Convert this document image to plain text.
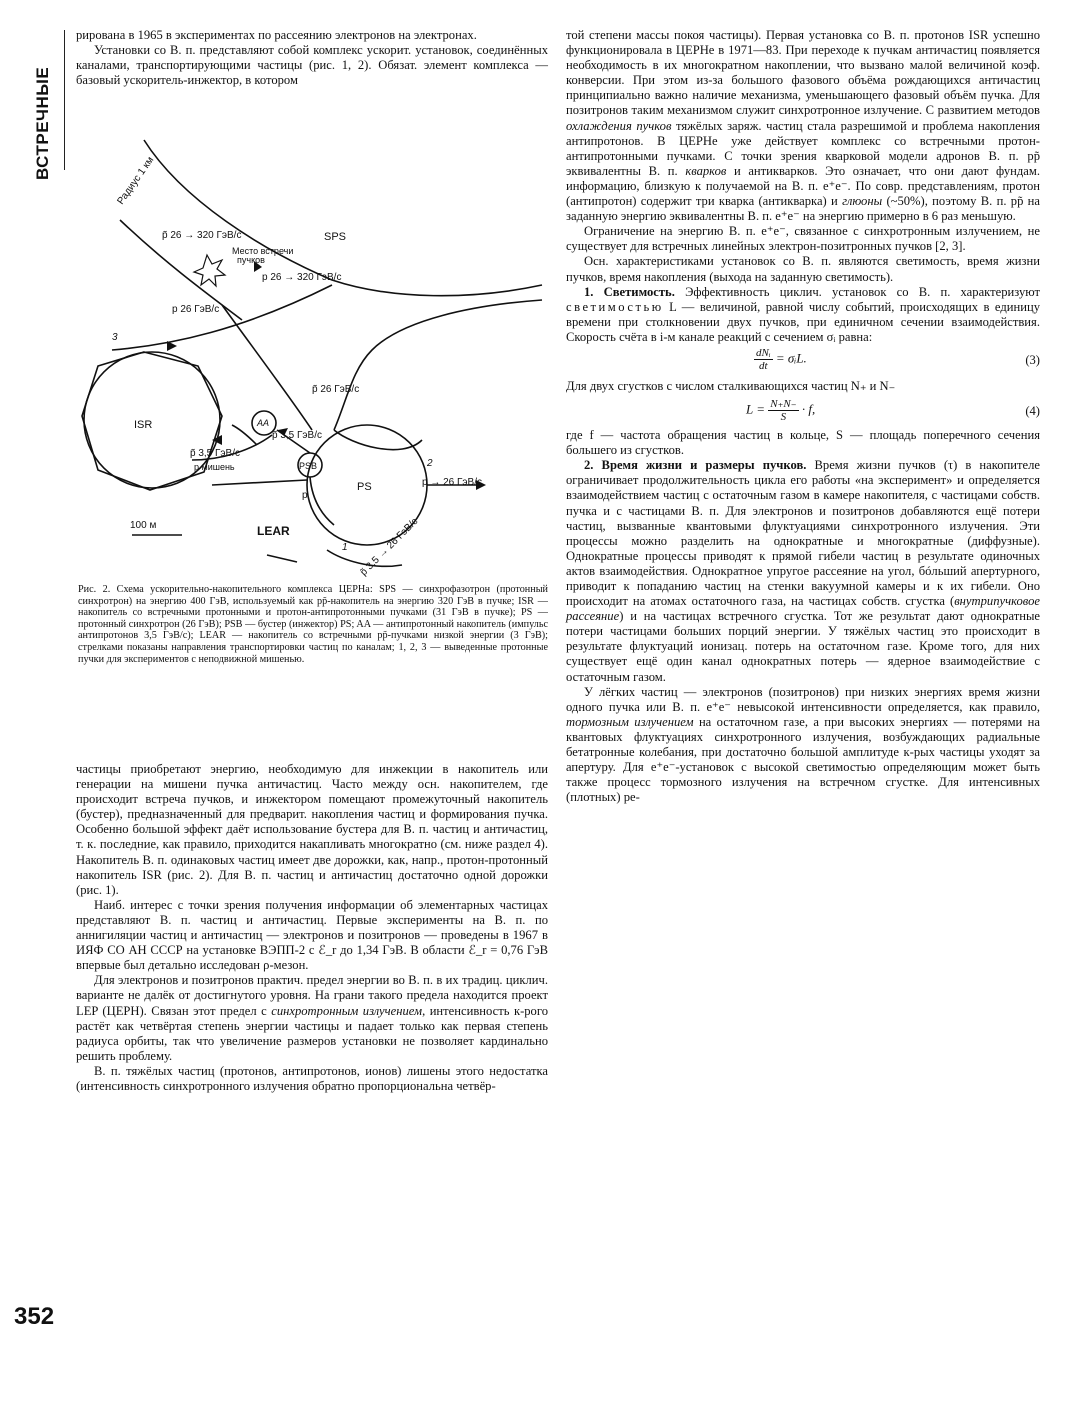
ВСТРЕЧНЫЕ

рирована в 1965 в экспериментах по рассеянию электронов на электронах.

Установки со В. п. представляют собой комплекс ускорит. установок, соединённых каналами, транспортирующими частицы (рис. 1, 2). Обязат. элемент комплекса — базовый ускоритель-инжектор, в котором

Радиус 1 км
SPS
p̃ 26 → 320 ГэВ/с
Место встречи
пучков
p 26 → 320 ГэВ/с
p 26 ГэВ/с
3
ISR
p̃ 26 ГэВ/с
AA
p̃ 3,5 ГэВ/с
p̃ 3,5 ГэВ/с
p мишень	PSB
PS
2
p → 26 ГэВ/с
p
100 м	LEAR
1 p̃ 3,5 → 26 ГэВ/с
Рис. 2. Схема ускорительно-накопительного комплекса ЦЕРНа: SPS — синхрофазотрон (протонный синхротрон) на энергию 400 ГэВ, используемый как pp̃-накопитель на энергию 320 ГэВ в пучке; ISR — накопитель со встречными протонными и протон-антипротонными пучками (31 ГэВ в пучке); PS — протонный синхротрон (26 ГэВ); PSB — бустер (инжектор) PS; AA — антипротонный накопитель (импульс антипротонов 3,5 ГэВ/с); LEAR — накопитель со встречными pp̃-пучками низкой энергии (3 ГэВ); стрелками показаны направления транспортировки частиц по каналам; 1, 2, 3 — выведенные протонные пучки для экспериментов с неподвижной мишенью.

частицы приобретают энергию, необходимую для инжекции в накопитель или генерации на мишени пучка античастиц. Часто между осн. накопителем, где происходит встреча пучков, и инжектором помещают промежуточный накопитель (бустер), предназначенный для предварит. накопления частиц и формирования пучка. Особенно большой эффект даёт использование бустера для В. п. частиц и античастиц, т. к. последние, как правило, приходится накапливать многократно (см. ниже раздел 4). Накопитель В. п. одинаковых частиц имеет две дорожки, как, напр., протон-протонный накопитель ISR (рис. 2). Для В. п. частиц и античастиц достаточно одной дорожки (рис. 1).

Наиб. интерес с точки зрения получения информации об элементарных частицах представляют В. п. частиц и античастиц. Первые эксперименты на В. п. по аннигиляции частиц и античастиц — электронов и позитронов — проведены в 1967 в ИЯФ СО АН СССР на установке ВЭПП-2 с ℰ_r до 1,34 ГэВ. В области ℰ_r = 0,76 ГэВ впервые был детально исследован ρ-мезон.

Для электронов и позитронов практич. предел энергии во В. п. в их традиц. циклич. варианте не далёк от достигнутого уровня. На грани такого предела находится проект LEP (ЦЕРН). Связан этот предел с синхротронным излучением, интенсивность к-рого растёт как четвёртая степень энергии частицы и падает только как первая степень радиуса орбиты, так что увеличение размеров установки не позволяет кардинально решить проблему.

В. п. тяжёлых частиц (протонов, антипротонов, ионов) лишены этого недостатка (интенсивность синхротронного излучения обратно пропорциональна четвёр-

352

той степени массы покоя частицы). Первая установка со В. п. протонов ISR успешно функционировала в ЦЕРНе в 1971—83. При переходе к пучкам античастиц появляется необходимость в их многократном накоплении, что вызвано малой величиной коэф. конверсии. При этом из-за большого фазового объёма рождающихся античастиц принципиально важно наличие механизма, уменьшающего фазовый объём пучка. Для позитронов таким механизмом служит синхротронное излучение. С развитием методов охлаждения пучков тяжёлых заряж. частиц стала разрешимой и проблема накопления антипротонов. В ЦЕРНе уже действует комплекс со встречными протон-антипротонными пучками. С точки зрения кварковой модели адронов В. п. pp̃ эквивалентны В. п. кварков и антикварков. Это означает, что они дают фундам. информацию, близкую к получаемой на В. п. e⁺e⁻. По совр. представлениям, протон (антипротон) содержит три кварка (антикварка) и глюоны (~50%), поэтому В. п. pp̃ на заданную энергию эквивалентны В. п. e⁺e⁻ на энергию примерно в 6 раз меньшую.

Ограничение на энергию В. п. e⁺e⁻, связанное с синхротронным излучением, не существует для встречных линейных электрон-позитронных пучков [2, 3].

Осн. характеристиками установок со В. п. являются светимость, время жизни пучков, время накопления (выхода на заданную светимость).

1. Светимость. Эффективность циклич. установок со В. п. характеризуют светимостью L — величиной, равной числу событий, происходящих в единицу времени при столкновении двух пучков, при единичном сечении взаимодействия. Скорость счёта в i-м канале реакций с сечением σᵢ равна:

$\frac{\text{dNᵢ}}{dt}$ = σᵢL.	(3)

Для двух сгустков с числом сталкивающихся частиц N₊ и N₋

$L = \frac{N_+N_-}{S} \cdot f$,	(4)

где f — частота обращения частиц в кольце, S — площадь поперечного сечения большего из сгустков.

2. Время жизни и размеры пучков. Время жизни пучков (τ) в накопителе ограничивает продолжительность цикла его работы «на эксперимент» и определяется взаимодействием частиц с остаточным газом в камере накопителя, с частицами собств. пучка и с частицами В. п. Для электронов и позитронов добавляются ещё потери частиц, вызванные квантовыми флуктуациями синхротронного излучения. Эти процессы можно разделить на однократные и многократные (диффузные). Однократные процессы приводят к прямой гибели частиц в результате одиночных актов взаимодействия. Однократное упругое рассеяние на угол, бóльший апертурного, приводит к попаданию частиц на стенки вакуумной камеры и к их гибели. Оно происходит на атомах остаточного газа, на частицах собств. сгустка (внутрипучковое рассеяние) и на частицах встречного сгустка. Тот же результат дают однократные потери частицами больших порций энергии. У тяжёлых частиц это происходит в результате флуктуаций ионизац. потерь на остаточном газе. Кроме того, для них существует ещё один канал однократных потерь — ядерное взаимодействие с остаточным газом.

У лёгких частиц — электронов (позитронов) при низких энергиях время жизни одного пучка или В. п. e⁺e⁻ невысокой интенсивности определяется, как правило, тормозным излучением на остаточном газе, а при высоких энергиях — потерями на квантовых флуктуациях синхротронного излучения, возбуждающих радиальные бетатронные колебания, при достаточно большой амплитуде к-рых частицы уходят за апертуру. Для e⁺e⁻-установок с высокой светимостью определяющим может быть также процесс тормозного излучения на встречном сгустке. Для интенсивных (плотных) ре-
